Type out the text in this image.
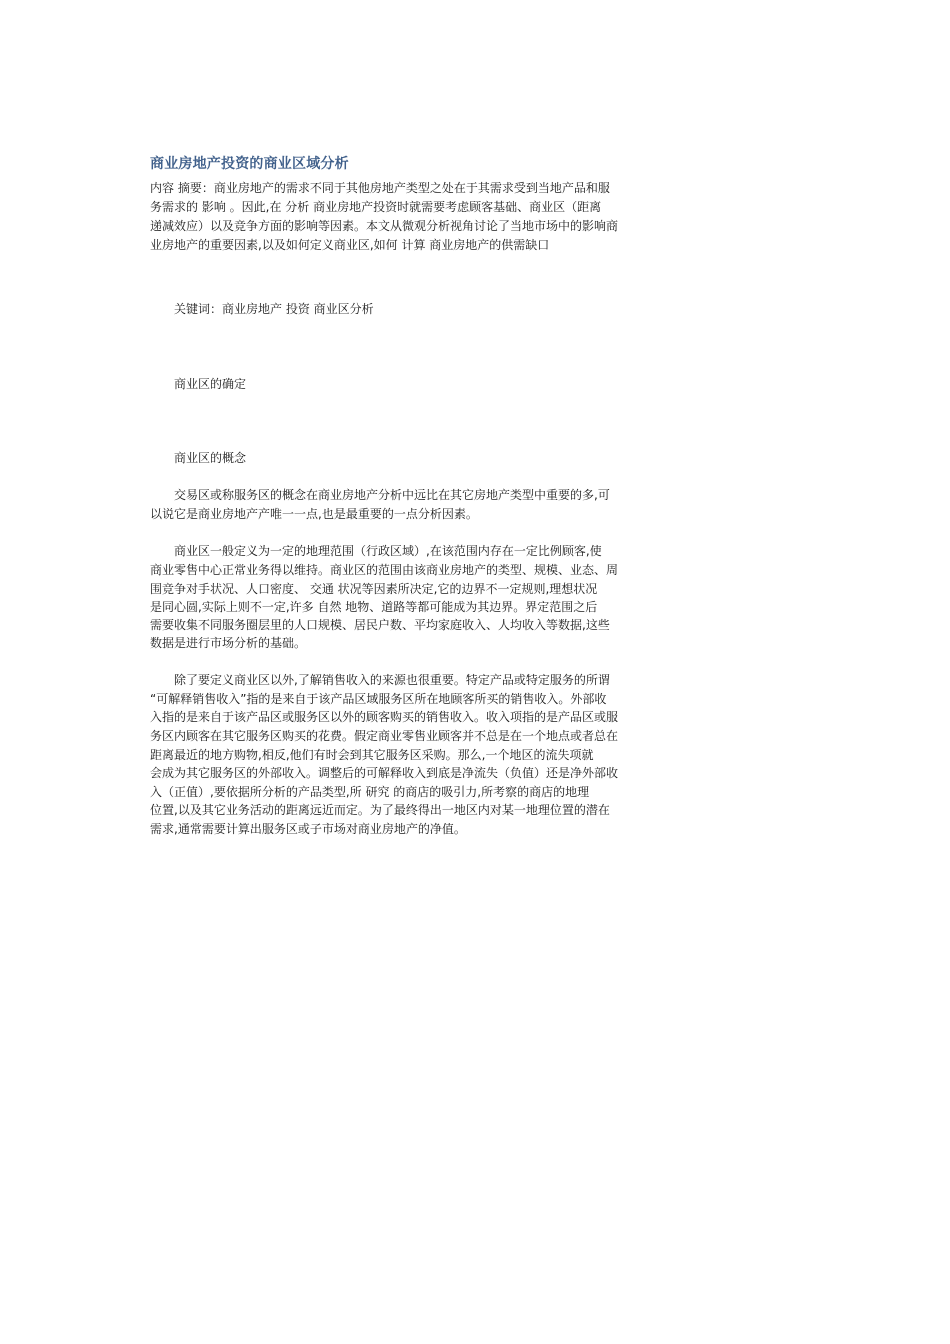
商业房地产投资的商业区域分析
内容 摘要：商业房地产的需求不同于其他房地产类型之处在于其需求受到当地产品和服
务需求的 影响 。因此,在 分析 商业房地产投资时就需要考虑顾客基础、商业区（距离
递减效应）以及竞争方面的影响等因素。本文从微观分析视角讨论了当地市场中的影响商
业房地产的重要因素,以及如何定义商业区,如何 计算 商业房地产的供需缺口
关键词：商业房地产 投资 商业区分析
商业区的确定
商业区的概念
交易区或称服务区的概念在商业房地产分析中远比在其它房地产类型中重要的多,可
以说它是商业房地产产唯一一点,也是最重要的一点分析因素。
商业区一般定义为一定的地理范围（行政区域）,在该范围内存在一定比例顾客,使
商业零售中心正常业务得以维持。商业区的范围由该商业房地产的类型、规模、业态、周
围竞争对手状况、人口密度、 交通 状况等因素所决定,它的边界不一定规则,理想状况
是同心圆,实际上则不一定,许多 自然 地物、道路等都可能成为其边界。界定范围之后
需要收集不同服务圈层里的人口规模、居民户数、平均家庭收入、人均收入等数据,这些
数据是进行市场分析的基础。
除了要定义商业区以外,了解销售收入的来源也很重要。特定产品或特定服务的所谓
“可解释销售收入”指的是来自于该产品区域服务区所在地顾客所买的销售收入。外部收
入指的是来自于该产品区或服务区以外的顾客购买的销售收入。收入项指的是产品区或服
务区内顾客在其它服务区购买的花费。假定商业零售业顾客并不总是在一个地点或者总在
距离最近的地方购物,相反,他们有时会到其它服务区采购。那么,一个地区的流失项就
会成为其它服务区的外部收入。调整后的可解释收入到底是净流失（负值）还是净外部收
入（正值）,要依据所分析的产品类型,所 研究 的商店的吸引力,所考察的商店的地理
位置,以及其它业务活动的距离远近而定。为了最终得出一地区内对某一地理位置的潜在
需求,通常需要计算出服务区或子市场对商业房地产的净值。
